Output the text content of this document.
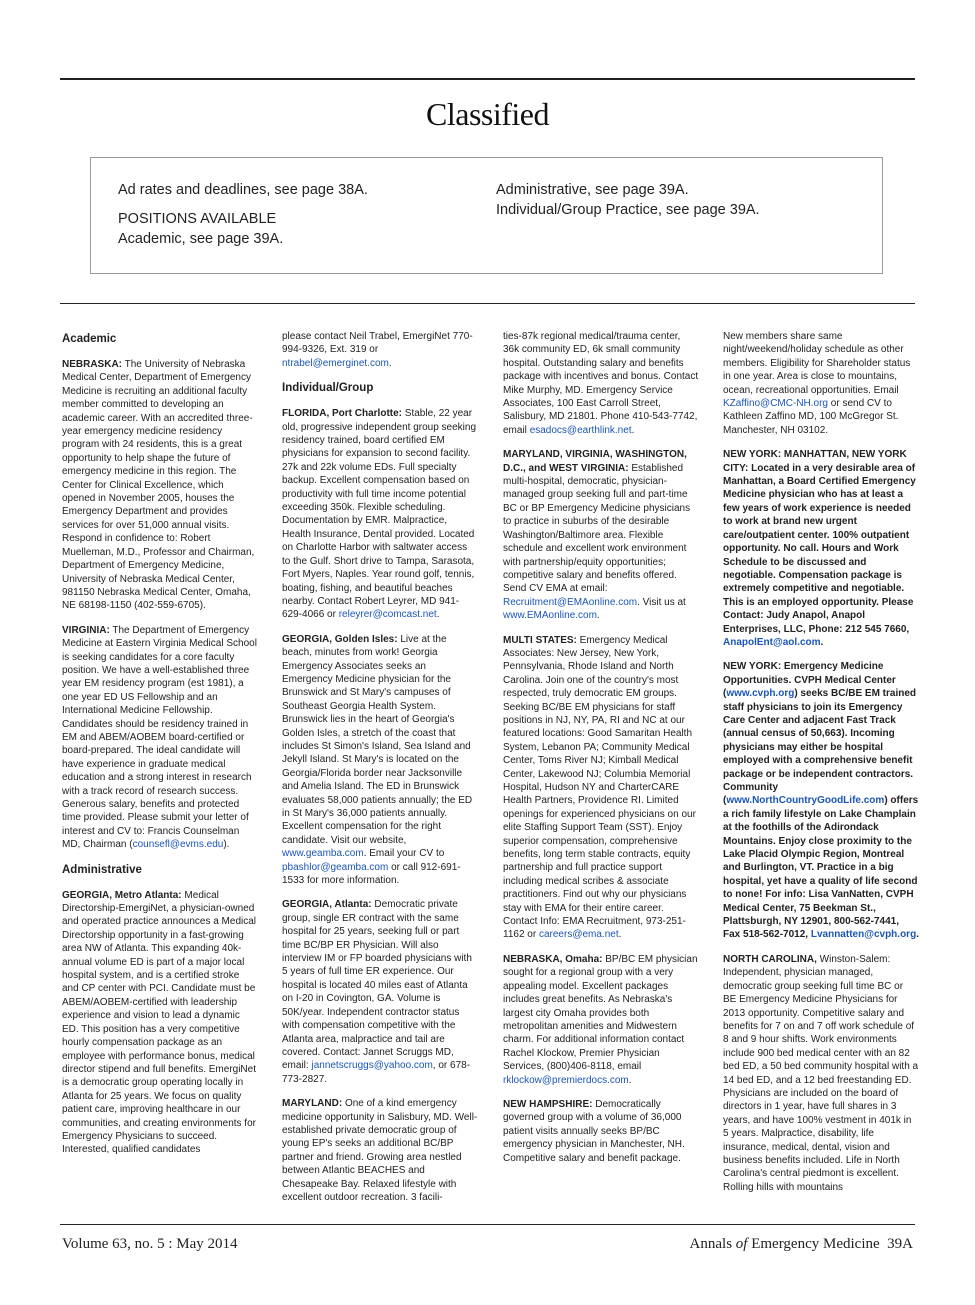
Classified
Ad rates and deadlines, see page 38A.
POSITIONS AVAILABLE
Academic, see page 39A.
Administrative, see page 39A.
Individual/Group Practice, see page 39A.
Academic

NEBRASKA: The University of Nebraska Medical Center, Department of Emergency Medicine is recruiting an additional faculty member committed to developing an academic career. With an accredited three-year emergency medicine residency program with 24 residents, this is a great opportunity to help shape the future of emergency medicine in this region. The Center for Clinical Excellence, which opened in November 2005, houses the Emergency Department and provides services for over 51,000 annual visits. Respond in confidence to: Robert Muelleman, M.D., Professor and Chairman, Department of Emergency Medicine, University of Nebraska Medical Center, 981150 Nebraska Medical Center, Omaha, NE 68198-1150 (402-559-6705).

VIRGINIA: The Department of Emergency Medicine at Eastern Virginia Medical School is seeking candidates for a core faculty position. We have a well-established three year EM residency program (est 1981), a one year ED US Fellowship and an International Medicine Fellowship. Candidates should be residency trained in EM and ABEM/AOBEM board-certified or board-prepared. The ideal candidate will have experience in graduate medical education and a strong interest in research with a track record of research success. Generous salary, benefits and protected time provided. Please submit your letter of interest and CV to: Francis Counselman MD, Chairman (counsefl@evms.edu).

Administrative

GEORGIA, Metro Atlanta: Medical Directorship-EmergiNet, a physician-owned and operated practice announces a Medical Directorship opportunity in a fast-growing area NW of Atlanta. This expanding 40k-annual volume ED is part of a major local hospital system, and is a certified stroke and CP center with PCI. Candidate must be ABEM/AOBEM-certified with leadership experience and vision to lead a dynamic ED. This position has a very competitive hourly compensation package as an employee with performance bonus, medical director stipend and full benefits. EmergiNet is a democratic group operating locally in Atlanta for 25 years. We focus on quality patient care, improving healthcare in our communities, and creating environments for Emergency Physicians to succeed. Interested, qualified candidates

please contact Neil Trabel, EmergiNet 770-994-9326, Ext. 319 or ntrabel@emerginet.com.

Individual/Group

FLORIDA, Port Charlotte: Stable, 22 year old, progressive independent group seeking residency trained, board certified EM physicians for expansion to second facility. 27k and 22k volume EDs. Full specialty backup. Excellent compensation based on productivity with full time income potential exceeding 350k. Flexible scheduling. Documentation by EMR. Malpractice, Health Insurance, Dental provided. Located on Charlotte Harbor with saltwater access to the Gulf. Short drive to Tampa, Sarasota, Fort Myers, Naples. Year round golf, tennis, boating, fishing, and beautiful beaches nearby. Contact Robert Leyrer, MD 941-629-4066 or releyrer@comcast.net.

GEORGIA, Golden Isles: Live at the beach, minutes from work! Georgia Emergency Associates seeks an Emergency Medicine physician for the Brunswick and St Mary's campuses of Southeast Georgia Health System. Brunswick lies in the heart of Georgia's Golden Isles, a stretch of the coast that includes St Simon's Island, Sea Island and Jekyll Island. St Mary's is located on the Georgia/Florida border near Jacksonville and Amelia Island. The ED in Brunswick evaluates 58,000 patients annually; the ED in St Mary's 36,000 patients annually. Excellent compensation for the right candidate. Visit our website, www.geamba.com. Email your CV to pbashlor@geamba.com or call 912-691-1533 for more information.

GEORGIA, Atlanta: Democratic private group, single ER contract with the same hospital for 25 years, seeking full or part time BC/BP ER Physician. Will also interview IM or FP boarded physicians with 5 years of full time ER experience. Our hospital is located 40 miles east of Atlanta on I-20 in Covington, GA. Volume is 50K/year. Independent contractor status with compensation competitive with the Atlanta area, malpractice and tail are covered. Contact: Jannet Scruggs MD, email: jannetscruggs@yahoo.com, or 678-773-2827.

MARYLAND: One of a kind emergency medicine opportunity in Salisbury, MD. Well-established private democratic group of young EP's seeks an additional BC/BP partner and friend. Growing area nestled between Atlantic BEACHES and Chesapeake Bay. Relaxed lifestyle with excellent outdoor recreation. 3 facili-

ties-87k regional medical/trauma center, 36k community ED, 6k small community hospital. Outstanding salary and benefits package with incentives and bonus. Contact Mike Murphy, MD. Emergency Service Associates, 100 East Carroll Street, Salisbury, MD 21801. Phone 410-543-7742, email esadocs@earthlink.net.

MARYLAND, VIRGINIA, WASHINGTON, D.C., and WEST VIRGINIA: Established multi-hospital, democratic, physician-managed group seeking full and part-time BC or BP Emergency Medicine physicians to practice in suburbs of the desirable Washington/Baltimore area. Flexible schedule and excellent work environment with partnership/equity opportunities; competitive salary and benefits offered. Send CV EMA at email: Recruitment@EMAonline.com. Visit us at www.EMAonline.com.

MULTI STATES: Emergency Medical Associates: New Jersey, New York, Pennsylvania, Rhode Island and North Carolina. Join one of the country's most respected, truly democratic EM groups. Seeking BC/BE EM physicians for staff positions in NJ, NY, PA, RI and NC at our featured locations: Good Samaritan Health System, Lebanon PA; Community Medical Center, Toms River NJ; Kimball Medical Center, Lakewood NJ; Columbia Memorial Hospital, Hudson NY and CharterCARE Health Partners, Providence RI. Limited openings for experienced physicians on our elite Staffing Support Team (SST). Enjoy superior compensation, comprehensive benefits, long term stable contracts, equity partnership and full practice support including medical scribes & associate practitioners. Find out why our physicians stay with EMA for their entire career. Contact Info: EMA Recruitment, 973-251-1162 or careers@ema.net.

NEBRASKA, Omaha: BP/BC EM physician sought for a regional group with a very appealing model. Excellent packages includes great benefits. As Nebraska's largest city Omaha provides both metropolitan amenities and Midwestern charm. For additional information contact Rachel Klockow, Premier Physician Services, (800)406-8118, email rklockow@premierdocs.com.

NEW HAMPSHIRE: Democratically governed group with a volume of 36,000 patient visits annually seeks BP/BC emergency physician in Manchester, NH. Competitive salary and benefit package.

New members share same night/weekend/holiday schedule as other members. Eligibility for Shareholder status in one year. Area is close to mountains, ocean, recreational opportunities. Email KZaffino@CMC-NH.org or send CV to Kathleen Zaffino MD, 100 McGregor St. Manchester, NH 03102.

NEW YORK: MANHATTAN, NEW YORK CITY: Located in a very desirable area of Manhattan, a Board Certified Emergency Medicine physician who has at least a few years of work experience is needed to work at brand new urgent care/outpatient center. 100% outpatient opportunity. No call. Hours and Work Schedule to be discussed and negotiable. Compensation package is extremely competitive and negotiable. This is an employed opportunity. Please Contact: Judy Anapol, Anapol Enterprises, LLC, Phone: 212 545 7660, AnapolEnt@aol.com.

NEW YORK: Emergency Medicine Opportunities. CVPH Medical Center (www.cvph.org) seeks BC/BE EM trained staff physicians to join its Emergency Care Center and adjacent Fast Track (annual census of 50,663). Incoming physicians may either be hospital employed with a comprehensive benefit package or be independent contractors. Community (www.NorthCountryGoodLife.com) offers a rich family lifestyle on Lake Champlain at the foothills of the Adirondack Mountains. Enjoy close proximity to the Lake Placid Olympic Region, Montreal and Burlington, VT. Practice in a big hospital, yet have a quality of life second to none! For info: Lisa VanNatten, CVPH Medical Center, 75 Beekman St., Plattsburgh, NY 12901, 800-562-7441, Fax 518-562-7012, Lvannatten@cvph.org.

NORTH CAROLINA, Winston-Salem: Independent, physician managed, democratic group seeking full time BC or BE Emergency Medicine Physicians for 2013 opportunity. Competitive salary and benefits for 7 on and 7 off work schedule of 8 and 9 hour shifts. Work environments include 900 bed medical center with an 82 bed ED, a 50 bed community hospital with a 14 bed ED, and a 12 bed freestanding ED. Physicians are included on the board of directors in 1 year, have full shares in 3 years, and have 100% vestment in 401k in 5 years. Malpractice, disability, life insurance, medical, dental, vision and business benefits included. Life in North Carolina's central piedmont is excellent. Rolling hills with mountains

Volume 63, no. 5 : May 2014	Annals of Emergency Medicine 39A
